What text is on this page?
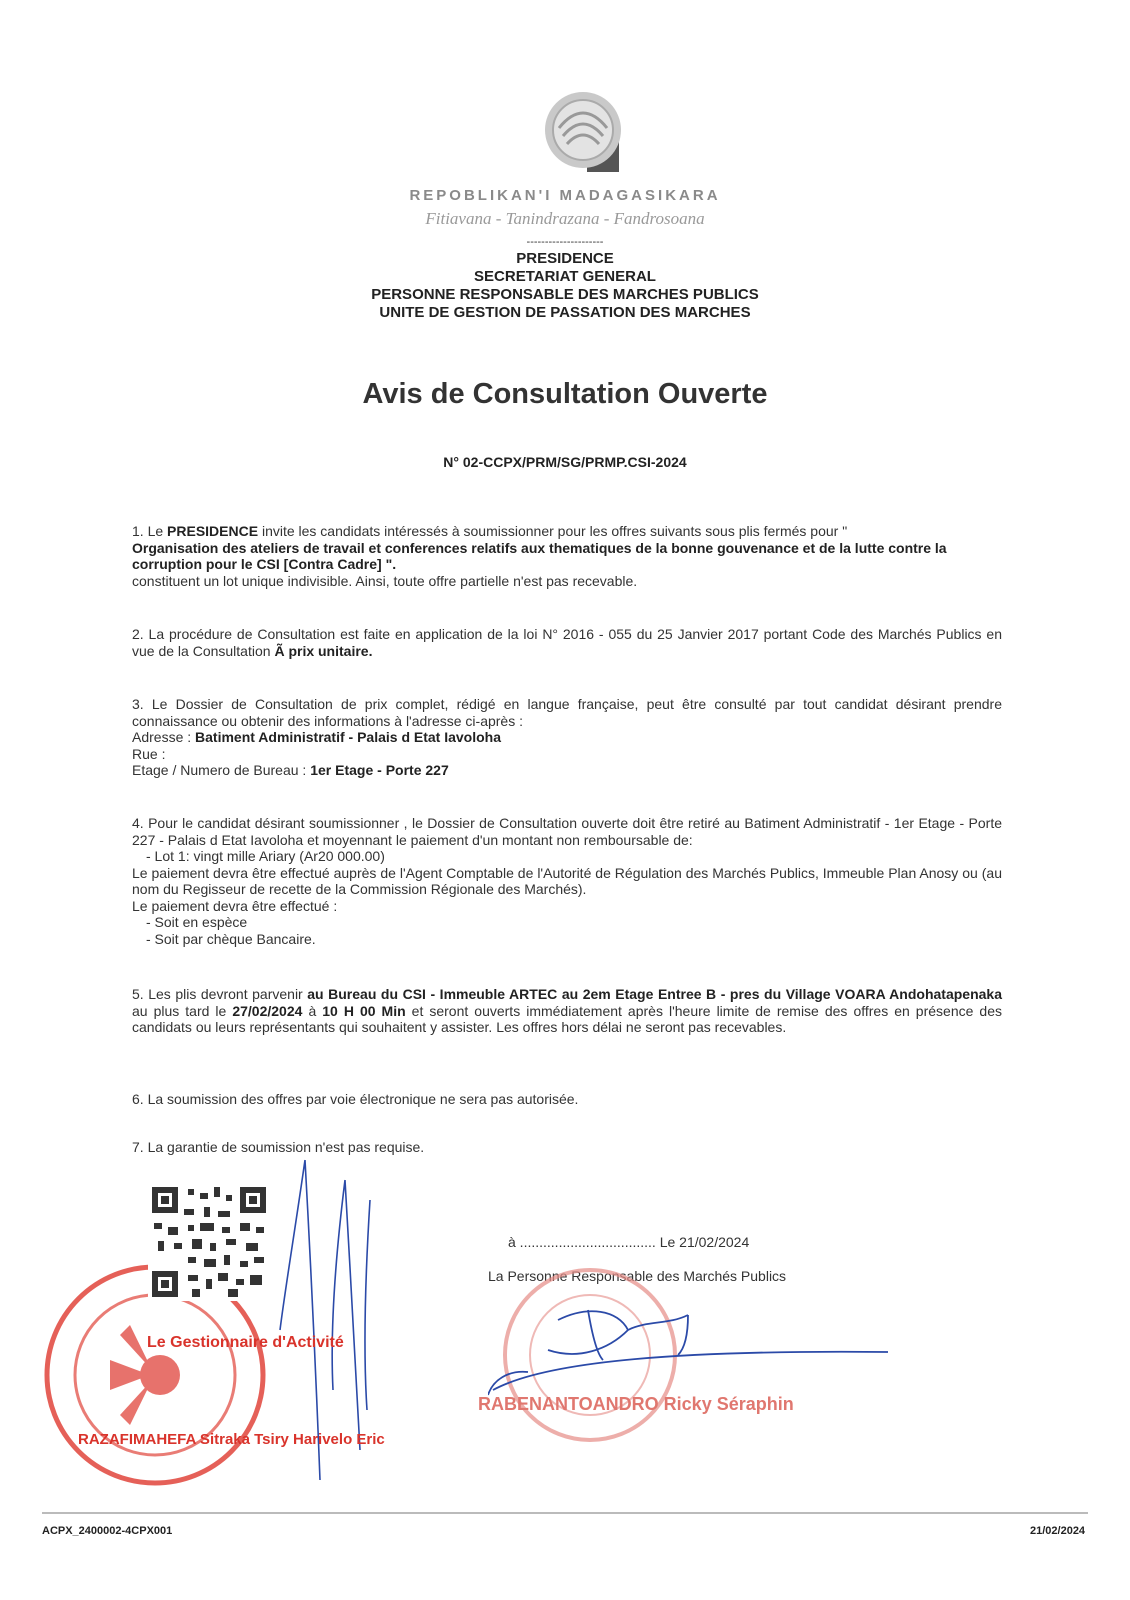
REPOBLIKAN'I MADAGASIKARA
Fitiavana - Tanindrazana - Fandrosoana
---------------------
PRESIDENCE
SECRETARIAT GENERAL
PERSONNE RESPONSABLE DES MARCHES PUBLICS
UNITE DE GESTION DE PASSATION DES MARCHES
Avis de Consultation Ouverte
N° 02-CCPX/PRM/SG/PRMP.CSI-2024
1. Le PRESIDENCE invite les candidats intéressés à soumissionner pour les offres suivants sous plis fermés pour "
Organisation des ateliers de travail et conferences relatifs aux thematiques de la bonne gouvenance et de la lutte contre la corruption pour le CSI [Contra Cadre] ".
constituent un lot unique indivisible. Ainsi, toute offre partielle n'est pas recevable.
2. La procédure de Consultation est faite en application de la loi N° 2016 - 055 du 25 Janvier 2017 portant Code des Marchés Publics en vue de la Consultation Ã prix unitaire.
3. Le Dossier de Consultation de prix complet, rédigé en langue française, peut être consulté par tout candidat désirant prendre connaissance ou obtenir des informations à l'adresse ci-après :
Adresse : Batiment Administratif - Palais d Etat Iavoloha
Rue :
Etage / Numero de Bureau : 1er Etage - Porte 227
4. Pour le candidat désirant soumissionner , le Dossier de Consultation ouverte doit être retiré au Batiment Administratif - 1er Etage - Porte 227 - Palais d Etat Iavoloha et moyennant le paiement d'un montant non remboursable de:
- Lot 1: vingt mille Ariary (Ar20 000.00)
Le paiement devra être effectué auprès de l'Agent Comptable de l'Autorité de Régulation des Marchés Publics, Immeuble Plan Anosy ou (au nom du Regisseur de recette de la Commission Régionale des Marchés).
Le paiement devra être effectué :
- Soit en espèce
- Soit par chèque Bancaire.
5. Les plis devront parvenir au Bureau du CSI - Immeuble ARTEC au 2em Etage Entree B - pres du Village VOARA Andohatapenaka au plus tard le 27/02/2024 à 10 H 00 Min et seront ouverts immédiatement après l'heure limite de remise des offres en présence des candidats ou leurs représentants qui souhaitent y assister. Les offres hors délai ne seront pas recevables.
6. La soumission des offres par voie électronique ne sera pas autorisée.
7. La garantie de soumission n'est pas requise.
Le Gestionnaire d'Activité
RAZAFIMAHEFA Sitraka Tsiry Harivelo Eric
à ................................... Le 21/02/2024
La Personne Responsable des Marchés Publics
RABENANTOANDRO Ricky Séraphin
ACPX_2400002-4CPX001	21/02/2024
